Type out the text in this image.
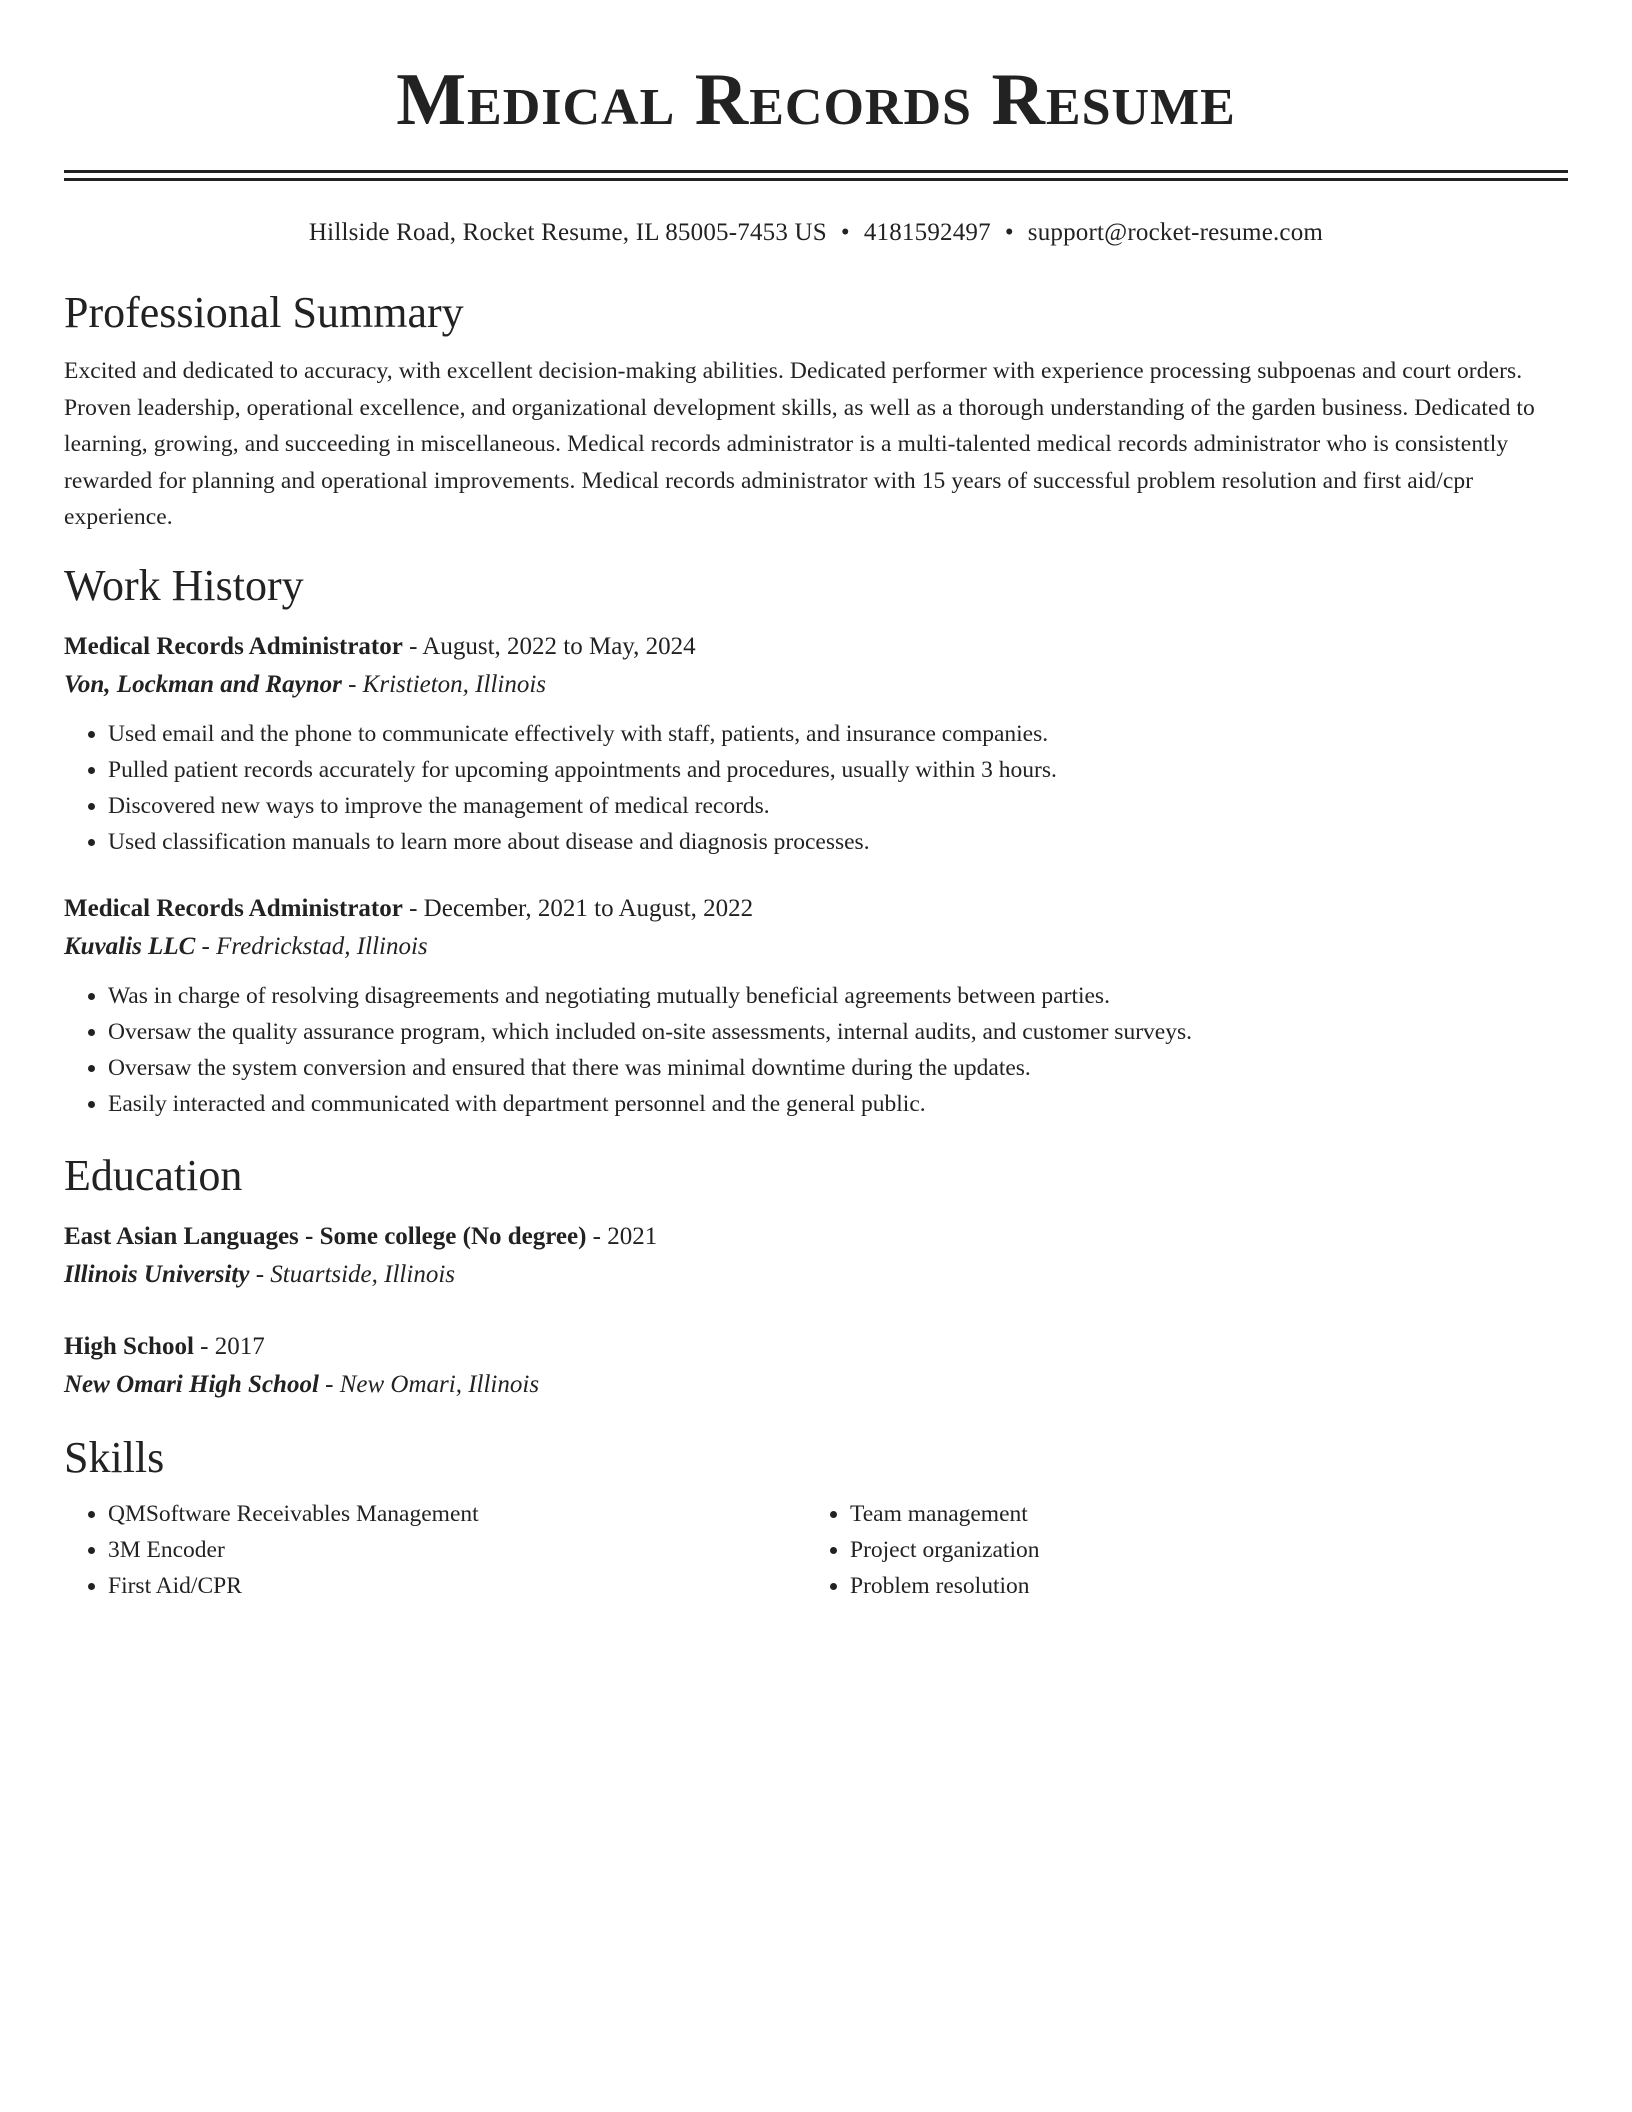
Medical Records Resume
Hillside Road, Rocket Resume, IL 85005-7453 US • 4181592497 • support@rocket-resume.com
Professional Summary
Excited and dedicated to accuracy, with excellent decision-making abilities. Dedicated performer with experience processing subpoenas and court orders. Proven leadership, operational excellence, and organizational development skills, as well as a thorough understanding of the garden business. Dedicated to learning, growing, and succeeding in miscellaneous. Medical records administrator is a multi-talented medical records administrator who is consistently rewarded for planning and operational improvements. Medical records administrator with 15 years of successful problem resolution and first aid/cpr experience.
Work History
Medical Records Administrator - August, 2022 to May, 2024
Von, Lockman and Raynor - Kristieton, Illinois
• Used email and the phone to communicate effectively with staff, patients, and insurance companies.
• Pulled patient records accurately for upcoming appointments and procedures, usually within 3 hours.
• Discovered new ways to improve the management of medical records.
• Used classification manuals to learn more about disease and diagnosis processes.
Medical Records Administrator - December, 2021 to August, 2022
Kuvalis LLC - Fredrickstad, Illinois
• Was in charge of resolving disagreements and negotiating mutually beneficial agreements between parties.
• Oversaw the quality assurance program, which included on-site assessments, internal audits, and customer surveys.
• Oversaw the system conversion and ensured that there was minimal downtime during the updates.
• Easily interacted and communicated with department personnel and the general public.
Education
East Asian Languages - Some college (No degree) - 2021
Illinois University - Stuartside, Illinois
High School - 2017
New Omari High School - New Omari, Illinois
Skills
• QMSoftware Receivables Management
• 3M Encoder
• First Aid/CPR
• Team management
• Project organization
• Problem resolution
